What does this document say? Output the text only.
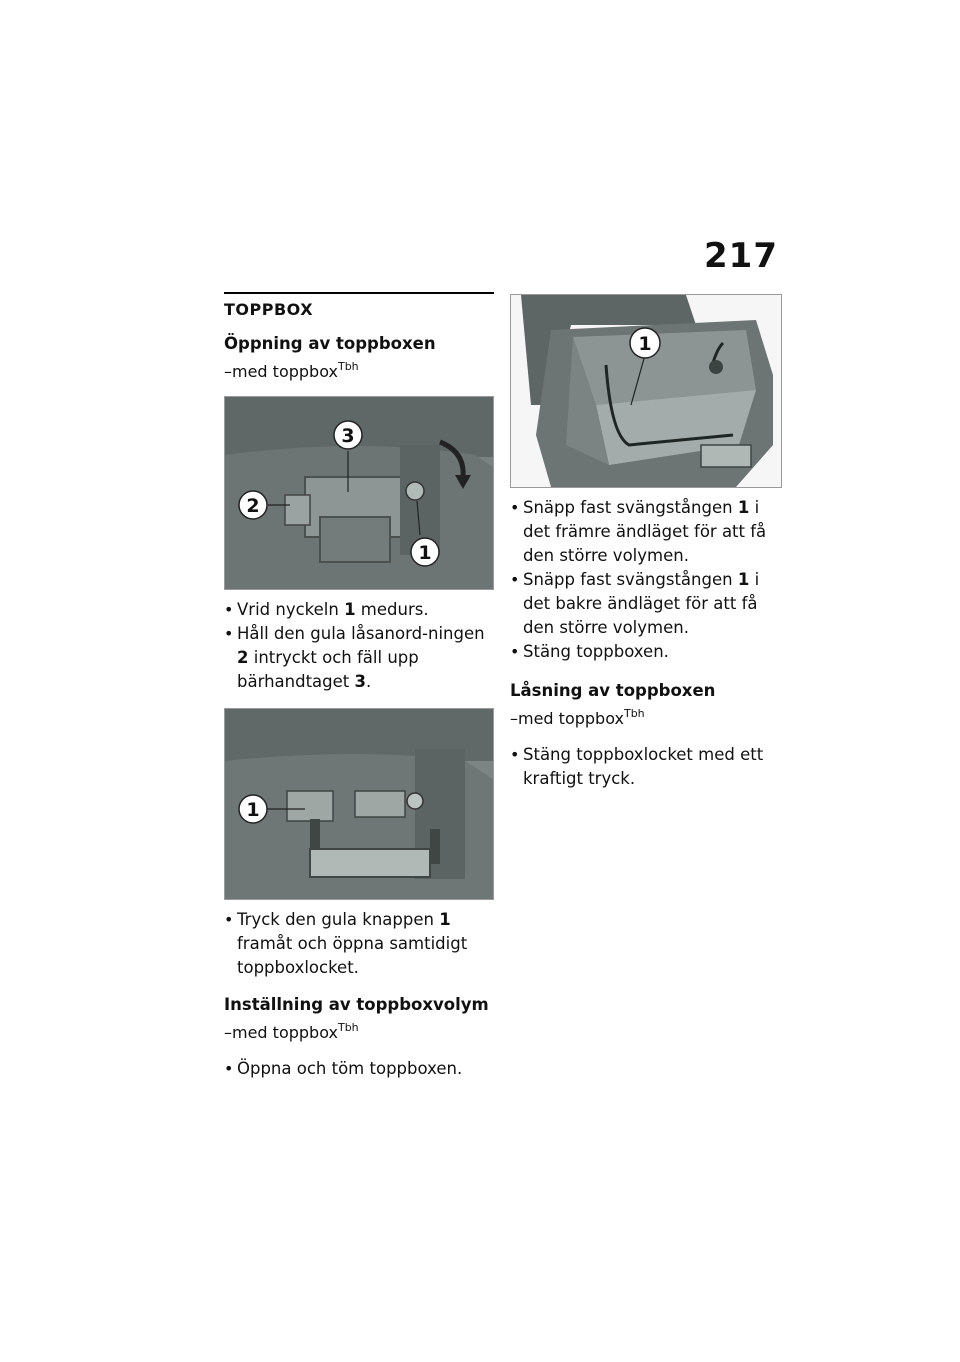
217
TOPPBOX
Öppning av toppboxen
–med toppbox$^{Tbh}$
3
2
1
• Vrid nyckeln 1 medurs.
• Håll den gula låsanord-ningen 2 intryckt och fäll upp bärhandtaget 3.
1
• Tryck den gula knappen 1 framåt och öppna samtidigt toppboxlocket.
Inställning av toppboxvolym
–med toppbox$^{Tbh}$
• Öppna och töm toppboxen.
1
• Snäpp fast svängstången 1 i det främre ändläget för att få den större volymen.
• Snäpp fast svängstången 1 i det bakre ändläget för att få den större volymen.
• Stäng toppboxen.
Låsning av toppboxen
–med toppbox$^{Tbh}$
• Stäng toppboxlocket med ett kraftigt tryck.
